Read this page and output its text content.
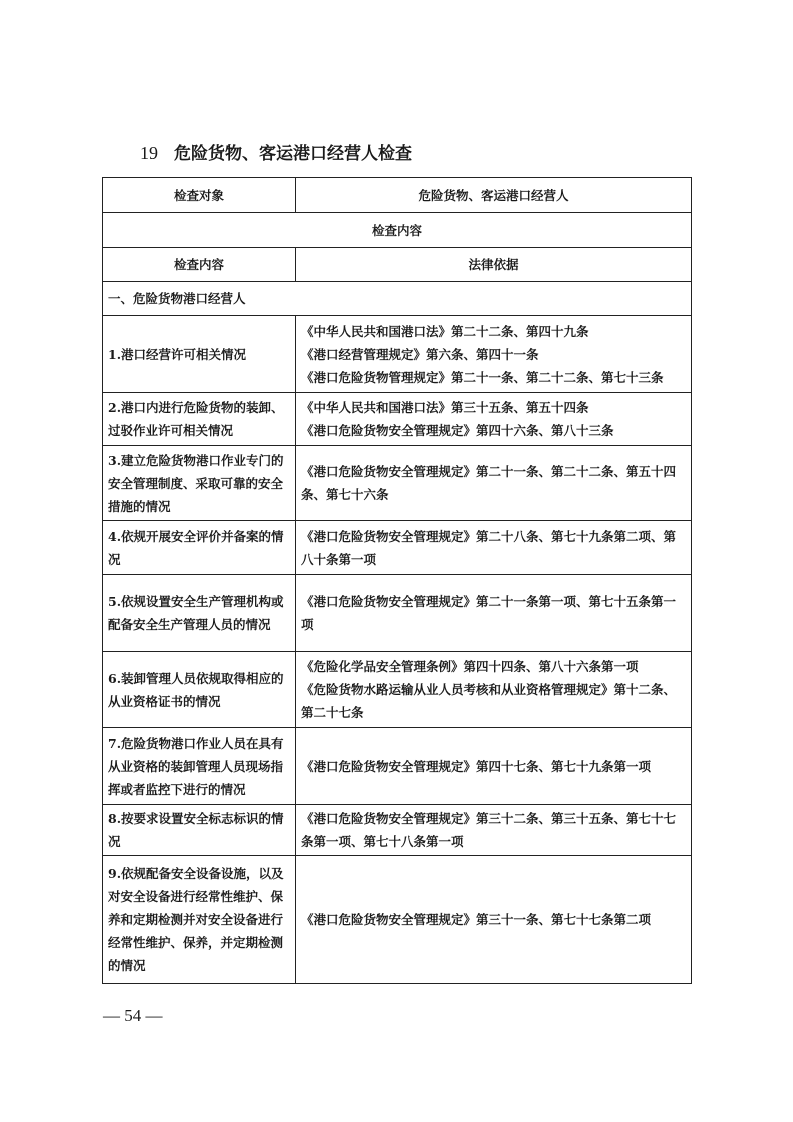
19 危险货物、客运港口经营人检查
检查对象	危险货物、客运港口经营人
检查内容	
检查内容	法律依据
一、危险货物港口经营人	
1.港口经营许可相关情况	《中华人民共和国港口法》第二十二条、第四十九条
《港口经营管理规定》第六条、第四十一条
《港口危险货物管理规定》第二十一条、第二十二条、第七十三条

2.港口内进行危险货物的装卸、过驳作业许可相关情况	《中华人民共和国港口法》第三十五条、第五十四条
《港口危险货物安全管理规定》第四十六条、第八十三条

3.建立危险货物港口作业专门的安全管理制度、采取可靠的安全措施的情况	《港口危险货物安全管理规定》第二十一条、第二十二条、第五十四条、第七十六条
4.依规开展安全评价并备案的情况	《港口危险货物安全管理规定》第二十八条、第七十九条第二项、第八十条第一项
5.依规设置安全生产管理机构或配备安全生产管理人员的情况	《港口危险货物安全管理规定》第二十一条第一项、第七十五条第一项
6.装卸管理人员依规取得相应的从业资格证书的情况	《危险化学品安全管理条例》第四十四条、第八十六条第一项
《危险货物水路运输从业人员考核和从业资格管理规定》第十二条、第二十七条

7.危险货物港口作业人员在具有从业资格的装卸管理人员现场指挥或者监控下进行的情况	《港口危险货物安全管理规定》第四十七条、第七十九条第一项
8.按要求设置安全标志标识的情况	《港口危险货物安全管理规定》第三十二条、第三十五条、第七十七条第一项、第七十八条第一项
9.依规配备安全设备设施，以及对安全设备进行经常性维护、保养和定期检测并对安全设备进行经常性维护、保养，并定期检测的情况	《港口危险货物安全管理规定》第三十一条、第七十七条第二项
— 54 —
